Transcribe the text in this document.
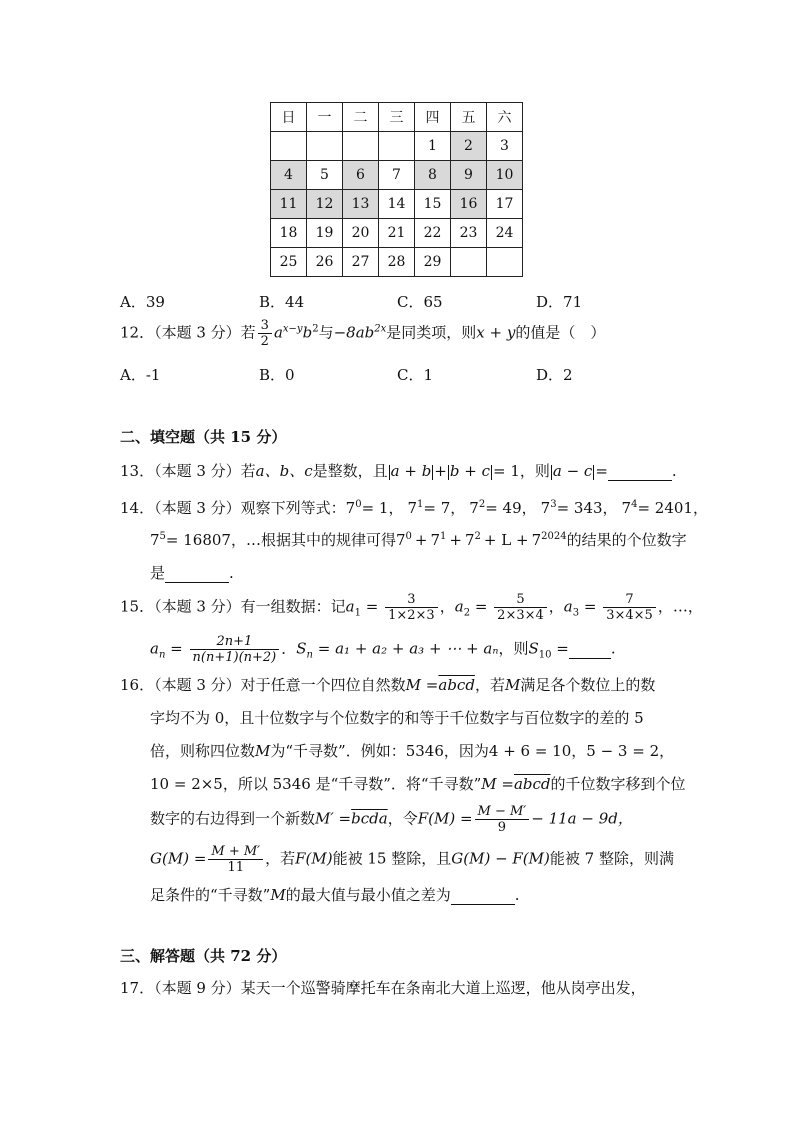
日	一	二	三	四	五	六
				1	2	3
4	5	6	7	8	9	10
11	12	13	14	15	16	17
18	19	20	21	22	23	24
25	26	27	28	29		
A．39	B．44	C．65	D．71
12．（本题 3 分）若 $\frac{3}{2} a^{x-y}b^2$与$-8ab^{2x}$是同类项，则x + y的值是（　）
A．-1	B．0	C．1	D．2
二、填空题（共 15 分）
13．（本题 3 分）若a、b、c是整数，且 a + b + b + c = 1，则 a − c =	.
14．（本题 3 分）观察下列等式：$7^0= 1$， $7^1= 7$， $7^2= 49$， $7^3= 343$， $7^4= 2401$，
$7^5= 16807$，…根据其中的规律可得$7^0 + 7^1 + 7^2 + L + 7^{2024}$的结果的个位数字
是	.
15．（本题 3 分）有一组数据：记$a_1 = \frac{3}{1\times 2\times 3}$ ，$a_2 = \frac{5}{2\times 3\times 4}$ ，$a_3 = \frac{7}{3\times 4\times 5}$ ，…，
$a_n = \frac{2n+1}{n(n+1)(n+2)}$ ．$S_n = a_1 + a_2 + a_3$ + ⋯ + aₙ，则$S_{10}$ =	.
16．（本题 3 分）对于任意一个四位自然数M =abcd，若M满足各个数位上的数
字均不为 0，且十位数字与个位数字的和等于千位数字与百位数字的差的 5
倍，则称四位数M为“千寻数”．例如：5346，因为4 + 6 = 10，5 − 3 = 2，
10 = 2×5，所以 5346 是“千寻数”．将“千寻数”M =abcd的千位数字移到个位
数字的右边得到一个新数M′ =bcda，令$F(M) = \frac{M - M'}{9} - 11a - 9d$，
$G(M) = \frac{M + M'}{11}$ ，若F(M)能被 15 整除，且G(M) − F(M)能被 7 整除，则满
足条件的“千寻数”M的最大值与最小值之差为	.
三、解答题（共 72 分）
17．（本题 9 分）某天一个巡警骑摩托车在条南北大道上巡逻，他从岗亭出发，
